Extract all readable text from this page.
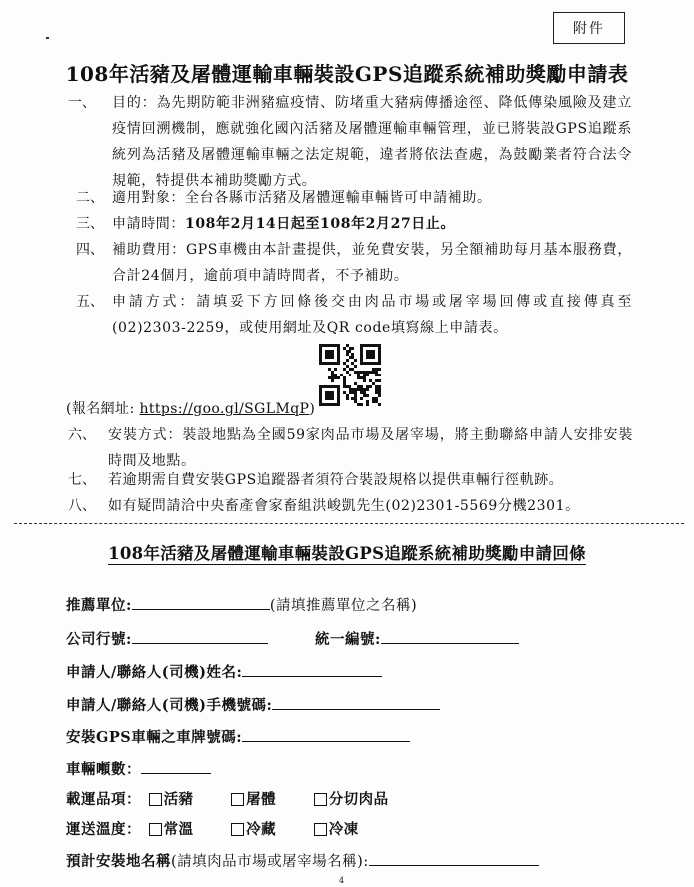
附件
108年活豬及屠體運輸車輛裝設GPS追蹤系統補助獎勵申請表
一、	目的：為先期防範非洲豬瘟疫情、防堵重大豬病傳播途徑、降低傳染風險及建立疫情回溯機制，應就強化國內活豬及屠體運輸車輛管理，並已將裝設GPS追蹤系統列為活豬及屠體運輸車輛之法定規範，違者將依法查處，為鼓勵業者符合法令規範，特提供本補助獎勵方式。
二、 適用對象：全台各縣市活豬及屠體運輸車輛皆可申請補助。
三、 申請時間：108年2月14日起至108年2月27日止。
四、 補助費用：GPS車機由本計畫提供，並免費安裝，另全額補助每月基本服務費，合計24個月，逾前項申請時間者，不予補助。
五、 申請方式：請填妥下方回條後交由肉品市場或屠宰場回傳或直接傳真至(02)2303-2259，或使用網址及QR code填寫線上申請表。
(報名網址: https://goo.gl/SGLMqP)
六、 安裝方式：裝設地點為全國59家肉品市場及屠宰場，將主動聯絡申請人安排安裝時間及地點。
七、 若逾期需自費安裝GPS追蹤器者須符合裝設規格以提供車輛行徑軌跡。
八、 如有疑問請洽中央畜產會家畜組洪峻凱先生(02)2301-5569分機2301。
108年活豬及屠體運輸車輛裝設GPS追蹤系統補助獎勵申請回條
推薦單位:	(請填推薦單位之名稱)
公司行號:	統一編號:
申請人/聯絡人(司機)姓名:
申請人/聯絡人(司機)手機號碼:
安裝GPS車輛之車牌號碼:
車輛噸數：
載運品項： 活豬	屠體	分切肉品
運送溫度： 常溫	冷藏	冷凍
預計安裝地名稱(請填肉品市場或屠宰場名稱):
4
